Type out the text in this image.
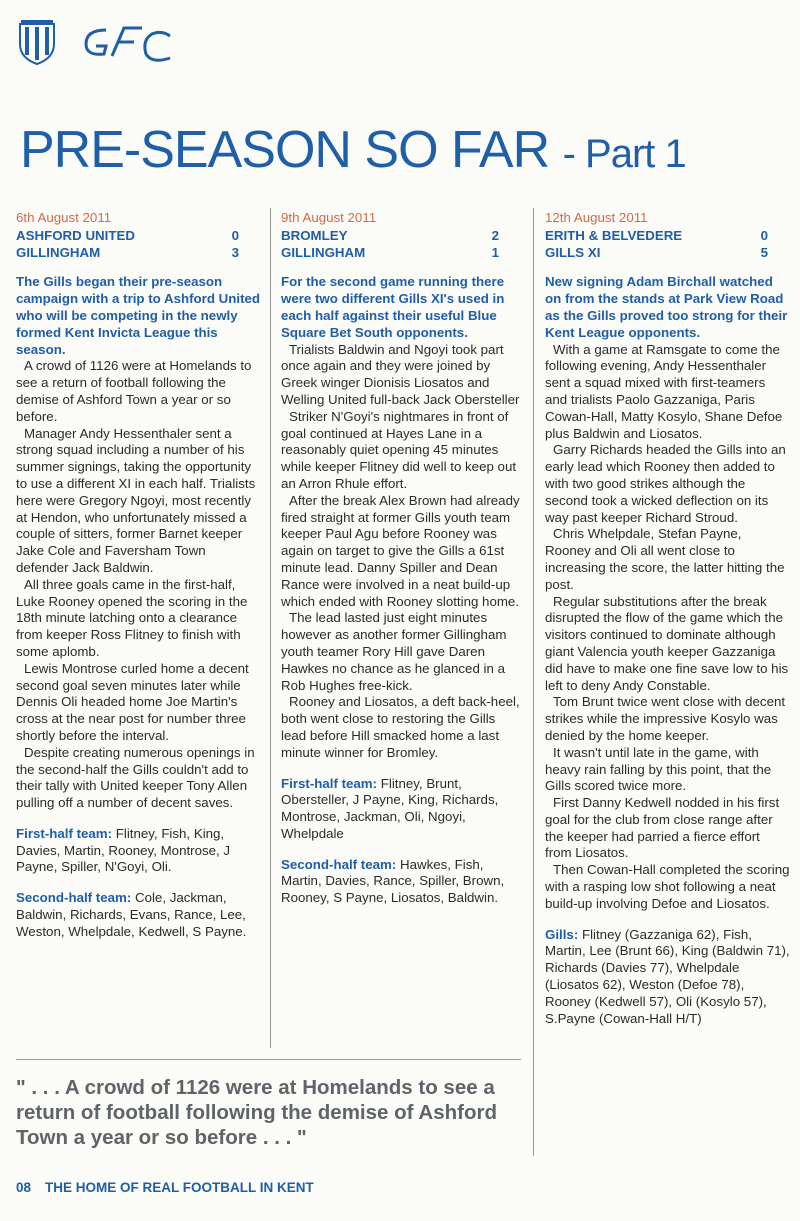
PRE-SEASON SO FAR - Part 1
6th August 2011
ASHFORD UNITED	0
GILLINGHAM	3
The Gills began their pre-season campaign with a trip to Ashford United who will be competing in the newly formed Kent Invicta League this season.
A crowd of 1126 were at Homelands to see a return of football following the demise of Ashford Town a year or so before.
Manager Andy Hessenthaler sent a strong squad including a number of his summer signings, taking the opportunity to use a different XI in each half. Trialists here were Gregory Ngoyi, most recently at Hendon, who unfortunately missed a couple of sitters, former Barnet keeper Jake Cole and Faversham Town defender Jack Baldwin.
All three goals came in the first-half, Luke Rooney opened the scoring in the 18th minute latching onto a clearance from keeper Ross Flitney to finish with some aplomb.
Lewis Montrose curled home a decent second goal seven minutes later while Dennis Oli headed home Joe Martin's cross at the near post for number three shortly before the interval.
Despite creating numerous openings in the second-half the Gills couldn't add to their tally with United keeper Tony Allen pulling off a number of decent saves.
First-half team: Flitney, Fish, King, Davies, Martin, Rooney, Montrose, J Payne, Spiller, N'Goyi, Oli.
Second-half team: Cole, Jackman, Baldwin, Richards, Evans, Rance, Lee, Weston, Whelpdale, Kedwell, S Payne.
9th August 2011
BROMLEY	2
GILLINGHAM	1
For the second game running there were two different Gills XI's used in each half against their useful Blue Square Bet South opponents.
Trialists Baldwin and Ngoyi took part once again and they were joined by Greek winger Dionisis Liosatos and Welling United full-back Jack Obersteller
Striker N'Goyi's nightmares in front of goal continued at Hayes Lane in a reasonably quiet opening 45 minutes while keeper Flitney did well to keep out an Arron Rhule effort.
After the break Alex Brown had already fired straight at former Gills youth team keeper Paul Agu before Rooney was again on target to give the Gills a 61st minute lead. Danny Spiller and Dean Rance were involved in a neat build-up which ended with Rooney slotting home.
The lead lasted just eight minutes however as another former Gillingham youth teamer Rory Hill gave Daren Hawkes no chance as he glanced in a Rob Hughes free-kick.
Rooney and Liosatos, a deft back-heel, both went close to restoring the Gills lead before Hill smacked home a last minute winner for Bromley.
First-half team: Flitney, Brunt, Obersteller, J Payne, King, Richards, Montrose, Jackman, Oli, Ngoyi, Whelpdale
Second-half team: Hawkes, Fish, Martin, Davies, Rance, Spiller, Brown, Rooney, S Payne, Liosatos, Baldwin.
12th August 2011
ERITH & BELVEDERE	0
GILLS XI	5
New signing Adam Birchall watched on from the stands at Park View Road as the Gills proved too strong for their Kent League opponents.
With a game at Ramsgate to come the following evening, Andy Hessenthaler sent a squad mixed with first-teamers and trialists Paolo Gazzaniga, Paris Cowan-Hall, Matty Kosylo, Shane Defoe plus Baldwin and Liosatos.
Garry Richards headed the Gills into an early lead which Rooney then added to with two good strikes although the second took a wicked deflection on its way past keeper Richard Stroud.
Chris Whelpdale, Stefan Payne, Rooney and Oli all went close to increasing the score, the latter hitting the post.
Regular substitutions after the break disrupted the flow of the game which the visitors continued to dominate although giant Valencia youth keeper Gazzaniga did have to make one fine save low to his left to deny Andy Constable.
Tom Brunt twice went close with decent strikes while the impressive Kosylo was denied by the home keeper.
It wasn't until late in the game, with heavy rain falling by this point, that the Gills scored twice more.
First Danny Kedwell nodded in his first goal for the club from close range after the keeper had parried a fierce effort from Liosatos.
Then Cowan-Hall completed the scoring with a rasping low shot following a neat build-up involving Defoe and Liosatos.
Gills: Flitney (Gazzaniga 62), Fish, Martin, Lee (Brunt 66), King (Baldwin 71), Richards (Davies 77), Whelpdale (Liosatos 62), Weston (Defoe 78), Rooney (Kedwell 57), Oli (Kosylo 57), S.Payne (Cowan-Hall H/T)
" . . . A crowd of 1126 were at Homelands to see a return of football following the demise of Ashford Town a year or so before . . . "
08 THE HOME OF REAL FOOTBALL IN KENT
